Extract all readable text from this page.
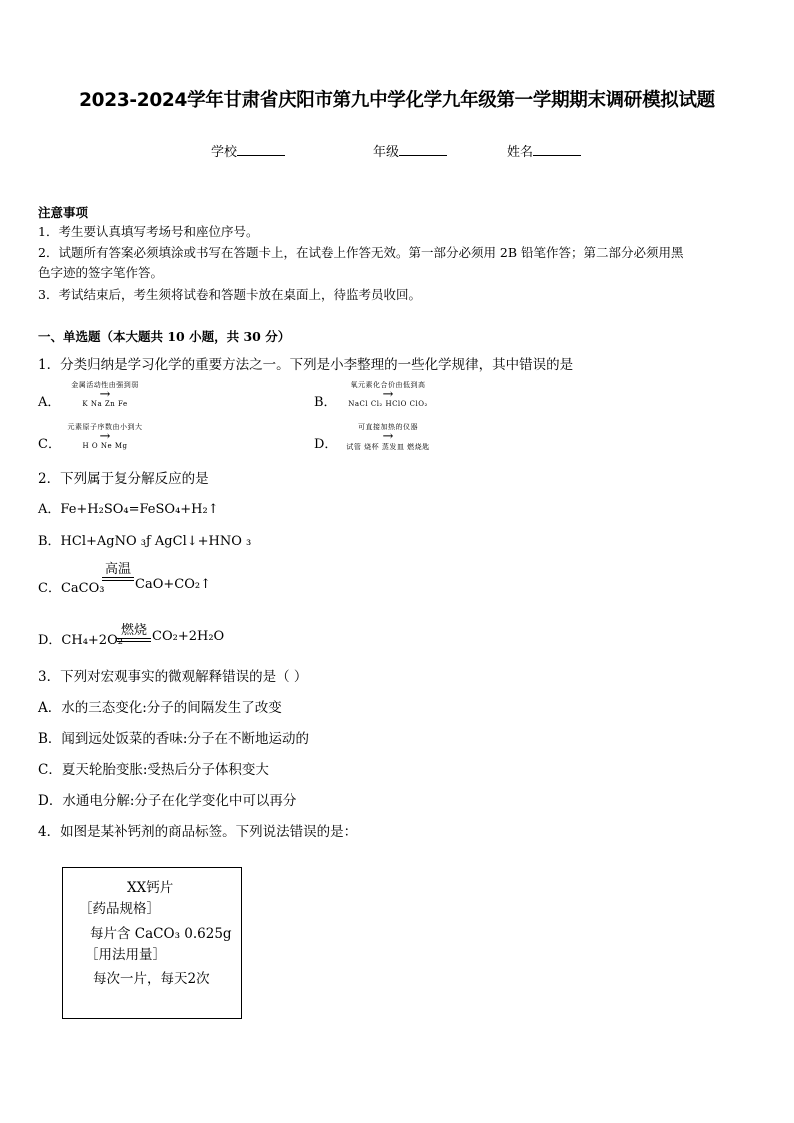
2023-2024学年甘肃省庆阳市第九中学化学九年级第一学期期末调研模拟试题
学校	年级	姓名
注意事项
1．考生要认真填写考场号和座位序号。
2．试题所有答案必须填涂或书写在答题卡上，在试卷上作答无效。第一部分必须用 2B 铅笔作答；第二部分必须用黑
色字迹的签字笔作答。
3．考试结束后，考生须将试卷和答题卡放在桌面上，待监考员收回。
一、单选题（本大题共 10 小题，共 30 分）
1．分类归纳是学习化学的重要方法之一。下列是小李整理的一些化学规律，其中错误的是
A．
金属活动性由强到弱
→
K Na Zn Fe	B．
氧元素化合价由低到高
→
NaCl Cl₂ HClO ClO₂
C．
元素原子序数由小到大
→
H O Ne Mg	D．
可直接加热的仪器
→
试管 烧杯 蒸发皿 燃烧匙
2．下列属于复分解反应的是
A．Fe+H₂SO₄=FeSO₄+H₂↑
B．HCl+AgNO ₃ƒ AgCl↓+HNO ₃
C．CaCO₃
高温
CaO+CO₂↑
D．CH₄+2O₂
燃烧 CO₂+2H₂O
3．下列对宏观事实的微观解释错误的是（ ）
A．水的三态变化:分子的间隔发生了改变
B．闻到远处饭菜的香味:分子在不断地运动的
C．夏天轮胎变胀:受热后分子体积变大
D．水通电分解:分子在化学变化中可以再分
4．如图是某补钙剂的商品标签。下列说法错误的是：
XX钙片
［药品规格］
每片含 CaCO₃ 0.625g
［用法用量］
每次一片，每天2次
